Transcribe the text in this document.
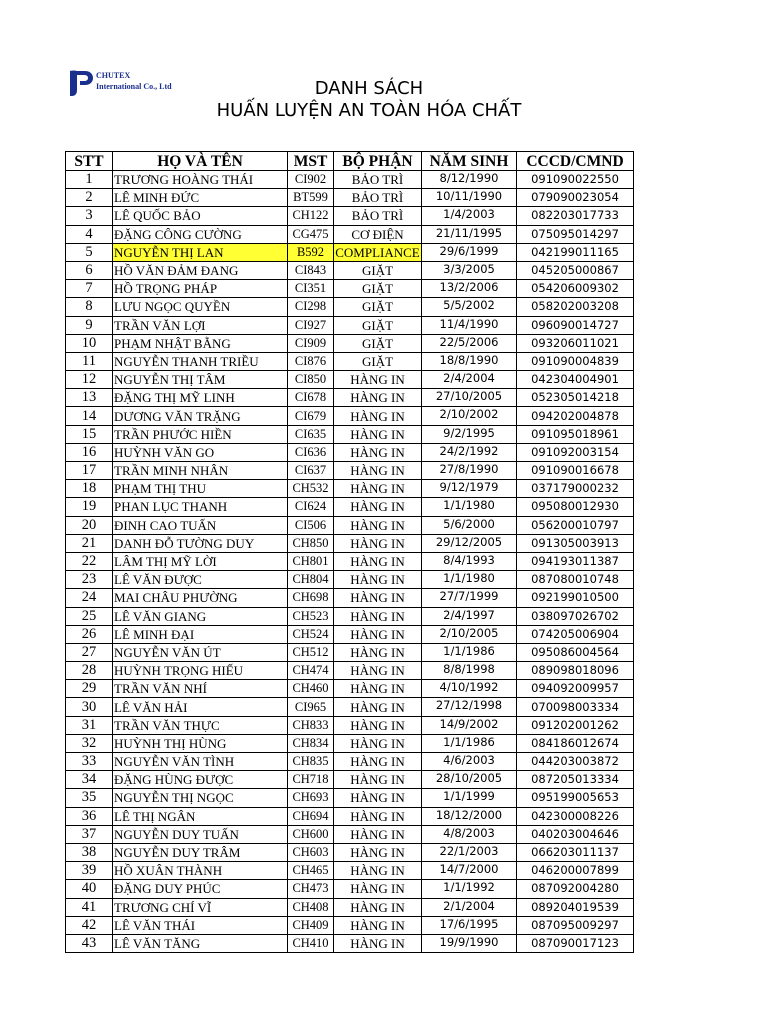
CHUTEX
International Co., Ltd	DANH SÁCH
HUẤN LUYỆN AN TOÀN HÓA CHẤT
STT	HỌ VÀ TÊN	MST	BỘ PHẬN	NĂM SINH	CCCD/CMND
1	TRƯƠNG HOÀNG THÁI	CI902	BẢO TRÌ	8/12/1990	091090022550
2	LÊ MINH ĐỨC	BT599	BẢO TRÌ	10/11/1990	079090023054
3	LÊ QUỐC BẢO	CH122	BẢO TRÌ	1/4/2003	082203017733
4	ĐẶNG CÔNG CƯỜNG	CG475	CƠ ĐIỆN	21/11/1995	075095014297
5	NGUYỄN THỊ LAN	B592	COMPLIANCE	29/6/1999	042199011165
6	HỒ VĂN ĐẢM ĐANG	CI843	GIẶT	3/3/2005	045205000867
7	HỒ TRỌNG PHÁP	CI351	GIẶT	13/2/2006	054206009302
8	LƯU NGỌC QUYỀN	CI298	GIẶT	5/5/2002	058202003208
9	TRẦN VĂN LỢI	CI927	GIẶT	11/4/1990	096090014727
10	PHẠM NHẬT BẰNG	CI909	GIẶT	22/5/2006	093206011021
11	NGUYỄN THANH TRIỀU	CI876	GIẶT	18/8/1990	091090004839
12	NGUYỄN THỊ TÂM	CI850	HÀNG IN	2/4/2004	042304004901
13	ĐẶNG THỊ MỸ LINH	CI678	HÀNG IN	27/10/2005	052305014218
14	DƯƠNG VĂN TRẶNG	CI679	HÀNG IN	2/10/2002	094202004878
15	TRẦN PHƯỚC HIỀN	CI635	HÀNG IN	9/2/1995	091095018961
16	HUỲNH VĂN GO	CI636	HÀNG IN	24/2/1992	091092003154
17	TRẦN MINH NHÂN	CI637	HÀNG IN	27/8/1990	091090016678
18	PHẠM THỊ THU	CH532	HÀNG IN	9/12/1979	037179000232
19	PHAN LỤC THANH	CI624	HÀNG IN	1/1/1980	095080012930
20	ĐINH CAO TUẤN	CI506	HÀNG IN	5/6/2000	056200010797
21	DANH ĐỖ TƯỜNG DUY	CH850	HÀNG IN	29/12/2005	091305003913
22	LÂM THỊ MỸ LỜI	CH801	HÀNG IN	8/4/1993	094193011387
23	LÊ VĂN ĐƯỢC	CH804	HÀNG IN	1/1/1980	087080010748
24	MAI CHÂU PHƯỜNG	CH698	HÀNG IN	27/7/1999	092199010500
25	LÊ VĂN GIANG	CH523	HÀNG IN	2/4/1997	038097026702
26	LÊ MINH ĐẠI	CH524	HÀNG IN	2/10/2005	074205006904
27	NGUYỄN VĂN ÚT	CH512	HÀNG IN	1/1/1986	095086004564
28	HUỲNH TRỌNG HIẾU	CH474	HÀNG IN	8/8/1998	089098018096
29	TRẦN VĂN NHÍ	CH460	HÀNG IN	4/10/1992	094092009957
30	LÊ VĂN HẢI	CI965	HÀNG IN	27/12/1998	070098003334
31	TRẦN VĂN THỰC	CH833	HÀNG IN	14/9/2002	091202001262
32	HUỲNH THỊ HÙNG	CH834	HÀNG IN	1/1/1986	084186012674
33	NGUYỄN VĂN TÌNH	CH835	HÀNG IN	4/6/2003	044203003872
34	ĐẶNG HÙNG ĐƯỢC	CH718	HÀNG IN	28/10/2005	087205013334
35	NGUYỄN THỊ NGỌC	CH693	HÀNG IN	1/1/1999	095199005653
36	LÊ THỊ NGÂN	CH694	HÀNG IN	18/12/2000	042300008226
37	NGUYỄN DUY TUẤN	CH600	HÀNG IN	4/8/2003	040203004646
38	NGUYỄN DUY TRÂM	CH603	HÀNG IN	22/1/2003	066203011137
39	HỒ XUÂN THÀNH	CH465	HÀNG IN	14/7/2000	046200007899
40	ĐẶNG DUY PHÚC	CH473	HÀNG IN	1/1/1992	087092004280
41	TRƯƠNG CHÍ VĨ	CH408	HÀNG IN	2/1/2004	089204019539
42	LÊ VĂN THÁI	CH409	HÀNG IN	17/6/1995	087095009297
43	LÊ VĂN TĂNG	CH410	HÀNG IN	19/9/1990	087090017123
